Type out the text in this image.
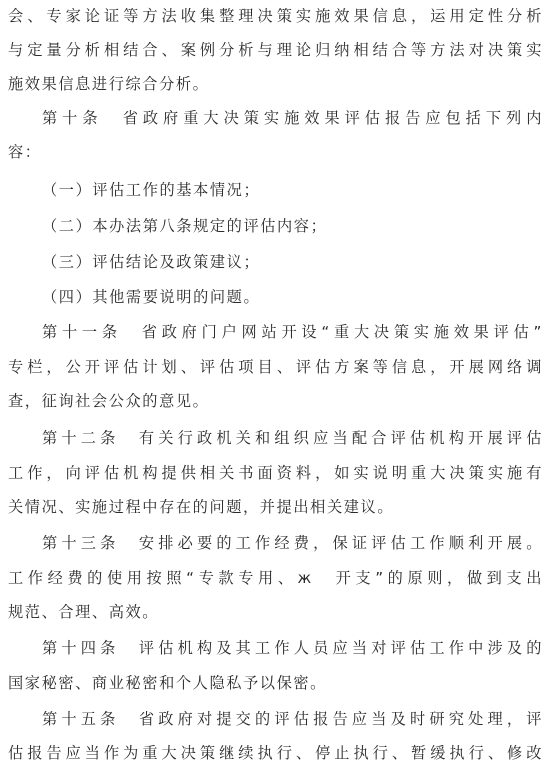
会、专家论证等方法收集整理决策实施效果信息，运用定性分析
与定量分析相结合、案例分析与理论归纳相结合等方法对决策实
施效果信息进行综合分析。
第十条　省政府重大决策实施效果评估报告应包括下列内
容：
（一）评估工作的基本情况；
（二）本办法第八条规定的评估内容；
（三）评估结论及政策建议；
（四）其他需要说明的问题。
第十一条　省政府门户网站开设“重大决策实施效果评估”
专栏，公开评估计划、评估项目、评估方案等信息，开展网络调
查，征询社会公众的意见。
第十二条　有关行政机关和组织应当配合评估机构开展评估
工作，向评估机构提供相关书面资料，如实说明重大决策实施有
关情况、实施过程中存在的问题，并提出相关建议。
第十三条　安排必要的工作经费，保证评估工作顺利开展。
工作经费的使用按照“专款专用、ж　开支”的原则，做到支出
规范、合理、高效。
第十四条　评估机构及其工作人员应当对评估工作中涉及的
国家秘密、商业秘密和个人隐私予以保密。
第十五条　省政府对提交的评估报告应当及时研究处理，评
估报告应当作为重大决策继续执行、停止执行、暂缓执行、修改
